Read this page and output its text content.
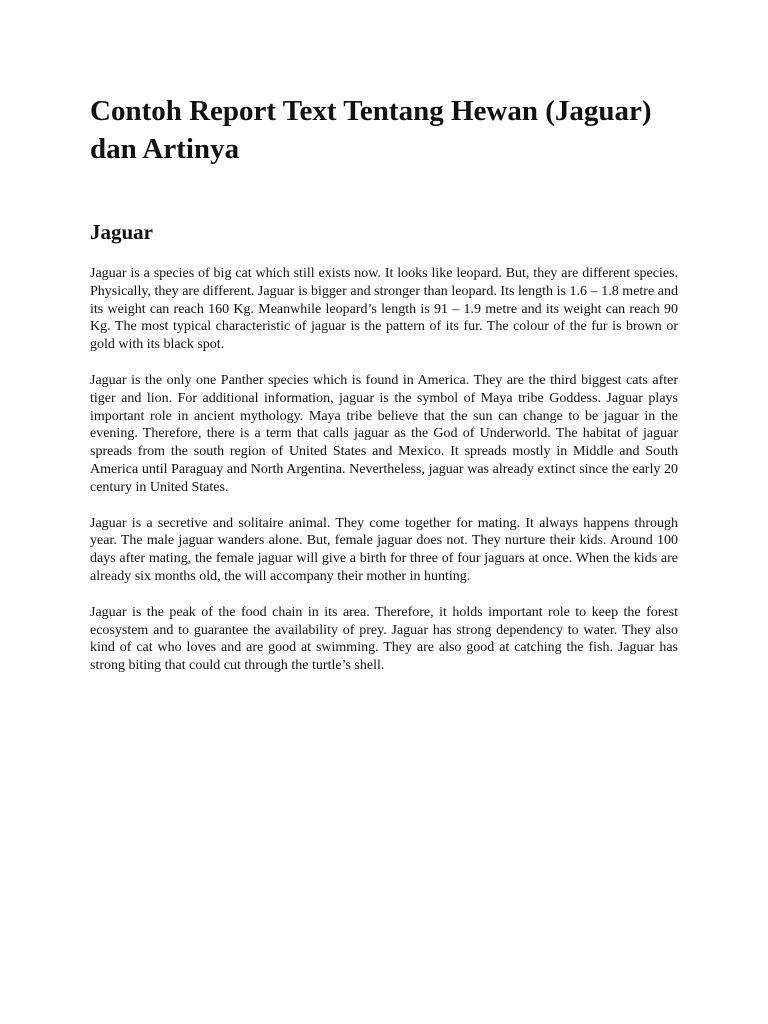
Contoh Report Text Tentang Hewan (Jaguar) dan Artinya
Jaguar

Jaguar is a species of big cat which still exists now. It looks like leopard. But, they are different species. Physically, they are different. Jaguar is bigger and stronger than leopard. Its length is 1.6 – 1.8 metre and its weight can reach 160 Kg. Meanwhile leopard’s length is 91 – 1.9 metre and its weight can reach 90 Kg. The most typical characteristic of jaguar is the pattern of its fur. The colour of the fur is brown or gold with its black spot.

Jaguar is the only one Panther species which is found in America. They are the third biggest cats after tiger and lion. For additional information, jaguar is the symbol of Maya tribe Goddess. Jaguar plays important role in ancient mythology. Maya tribe believe that the sun can change to be jaguar in the evening. Therefore, there is a term that calls jaguar as the God of Underworld. The habitat of jaguar spreads from the south region of United States and Mexico. It spreads mostly in Middle and South America until Paraguay and North Argentina. Nevertheless, jaguar was already extinct since the early 20 century in United States.

Jaguar is a secretive and solitaire animal. They come together for mating. It always happens through year. The male jaguar wanders alone. But, female jaguar does not. They nurture their kids. Around 100 days after mating, the female jaguar will give a birth for three of four jaguars at once. When the kids are already six months old, the will accompany their mother in hunting.

Jaguar is the peak of the food chain in its area. Therefore, it holds important role to keep the forest ecosystem and to guarantee the availability of prey. Jaguar has strong dependency to water. They also kind of cat who loves and are good at swimming. They are also good at catching the fish. Jaguar has strong biting that could cut through the turtle’s shell.
